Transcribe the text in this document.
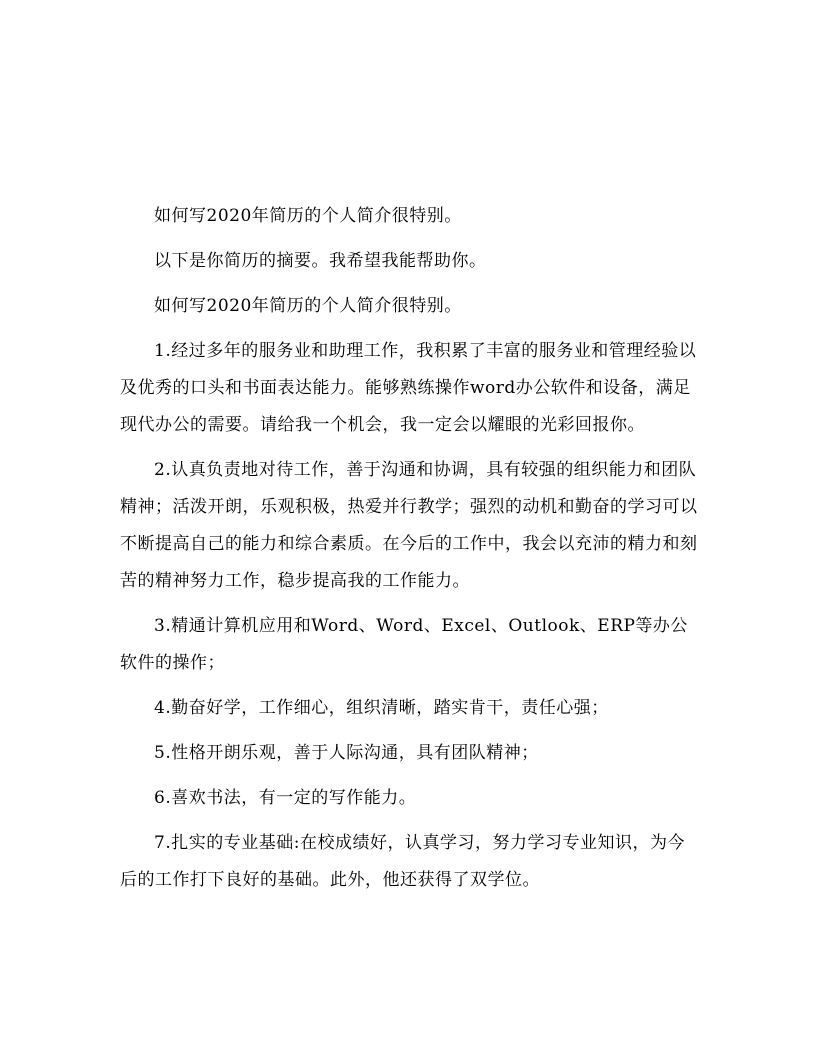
如何写2020年简历的个人简介很特别。

以下是你简历的摘要。我希望我能帮助你。

如何写2020年简历的个人简介很特别。

1.经过多年的服务业和助理工作，我积累了丰富的服务业和管理经验以及优秀的口头和书面表达能力。能够熟练操作word办公软件和设备，满足现代办公的需要。请给我一个机会，我一定会以耀眼的光彩回报你。

2.认真负责地对待工作，善于沟通和协调，具有较强的组织能力和团队精神；活泼开朗，乐观积极，热爱并行教学；强烈的动机和勤奋的学习可以不断提高自己的能力和综合素质。在今后的工作中，我会以充沛的精力和刻苦的精神努力工作，稳步提高我的工作能力。

3.精通计算机应用和Word、Word、Excel、Outlook、ERP等办公软件的操作；

4.勤奋好学，工作细心，组织清晰，踏实肯干，责任心强；

5.性格开朗乐观，善于人际沟通，具有团队精神；

6.喜欢书法，有一定的写作能力。

7.扎实的专业基础:在校成绩好，认真学习，努力学习专业知识，为今后的工作打下良好的基础。此外，他还获得了双学位。
